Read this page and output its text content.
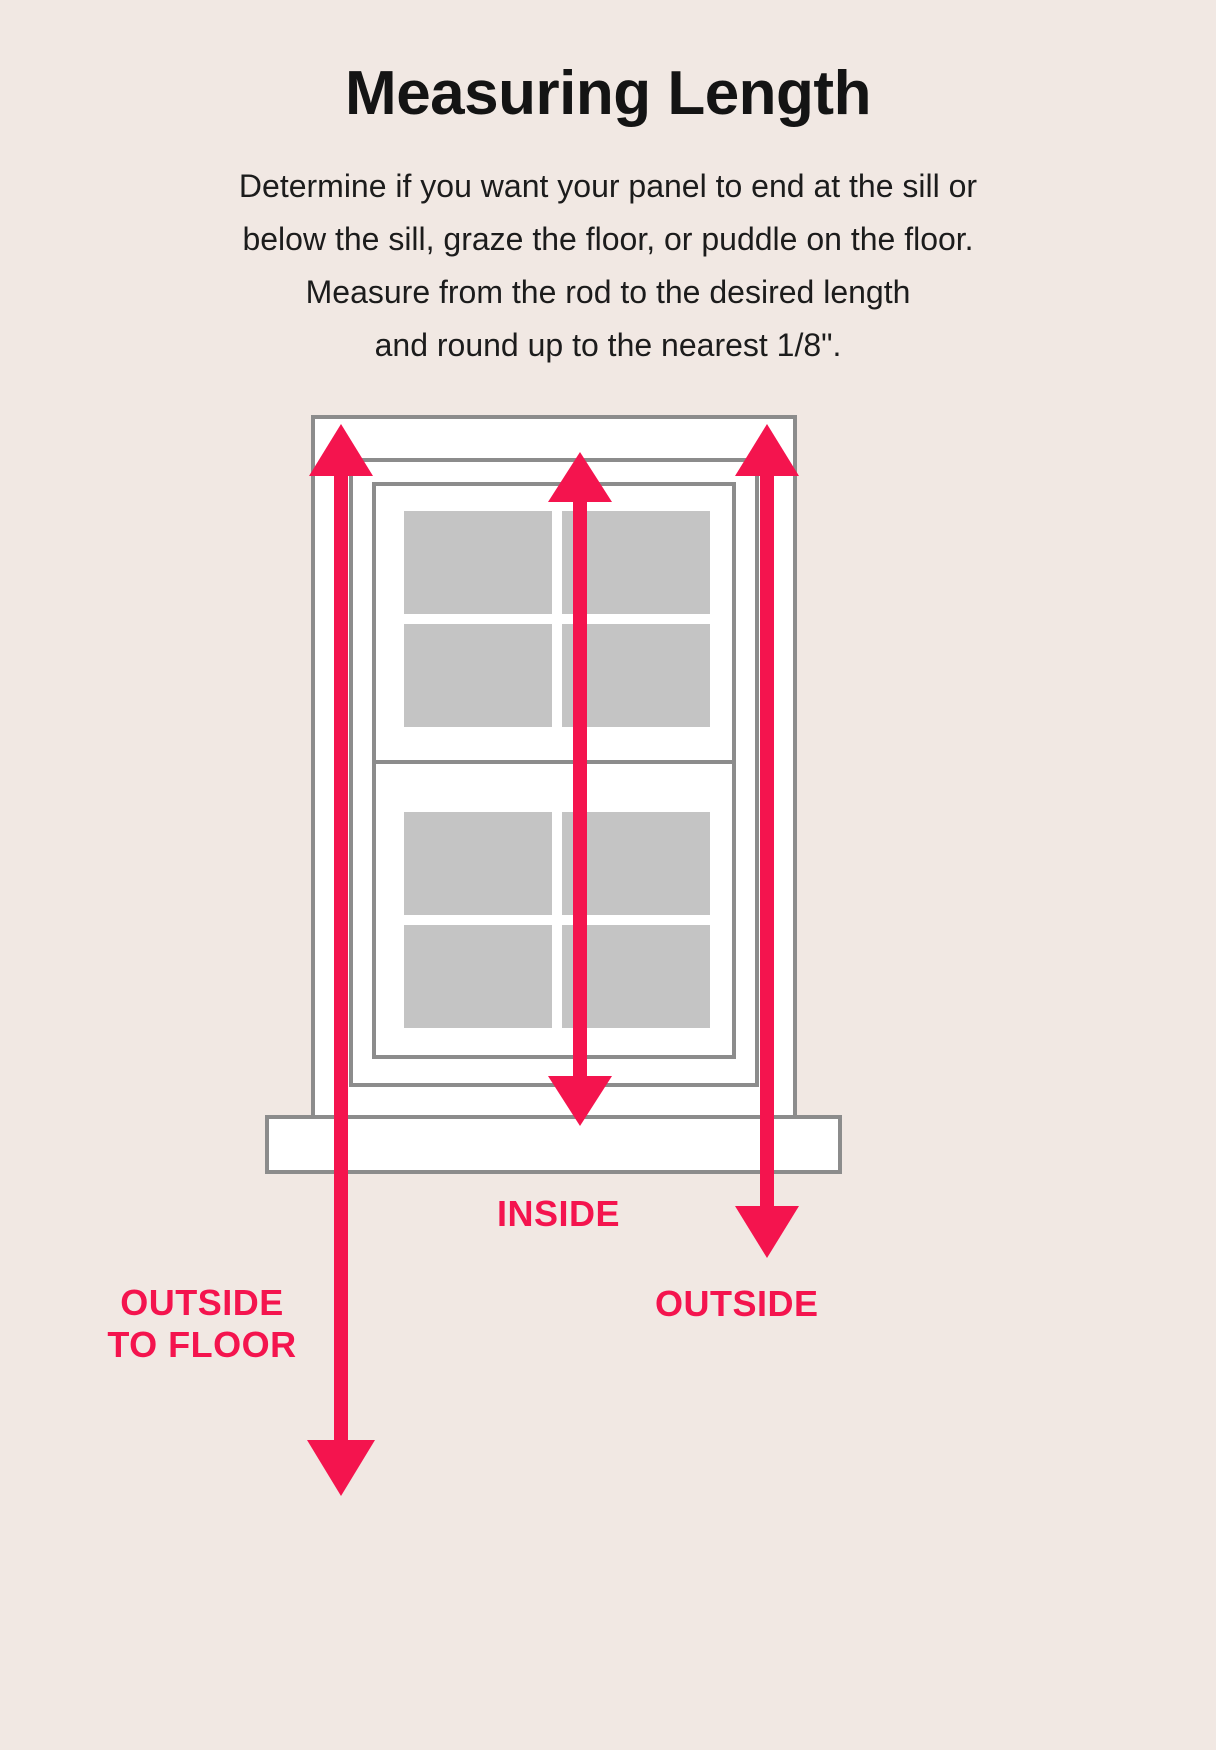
Measuring Length
Determine if you want your panel to end at the sill or
below the sill, graze the floor, or puddle on the floor.
Measure from the rod to the desired length
and round up to the nearest 1/8".
INSIDE
OUTSIDE
OUTSIDE
TO FLOOR
